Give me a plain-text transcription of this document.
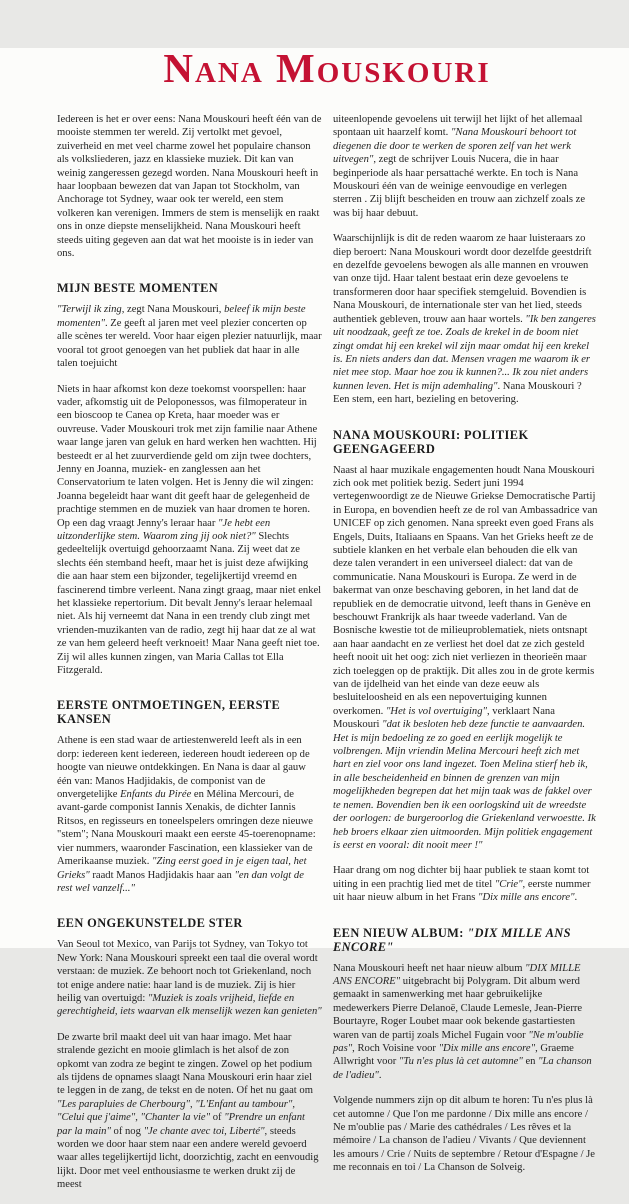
Nana Mouskouri

Iedereen is het er over eens: Nana Mouskouri heeft één van de mooiste stemmen ter wereld. Zij vertolkt met gevoel, zuiverheid en met veel charme zowel het populaire chanson als volksliederen, jazz en klassieke muziek. Dit kan van weinig zangeressen gezegd worden. Nana Mouskouri heeft in haar loopbaan bewezen dat van Japan tot Stockholm, van Anchorage tot Sydney, waar ook ter wereld, een stem volkeren kan verenigen. Immers de stem is menselijk en raakt ons in onze diepste menselijkheid. Nana Mouskouri heeft steeds uiting gegeven aan dat wat het mooiste is in ieder van ons.

MIJN BESTE MOMENTEN

"Terwijl ik zing, zegt Nana Mouskouri, beleef ik mijn beste momenten". Ze geeft al jaren met veel plezier concerten op alle scènes ter wereld. Voor haar eigen plezier natuurlijk, maar vooral tot groot genoegen van het publiek dat haar in alle talen toejuicht

Niets in haar afkomst kon deze toekomst voorspellen: haar vader, afkomstig uit de Peloponessos, was filmoperateur in een bioscoop te Canea op Kreta, haar moeder was er ouvreuse. Vader Mouskouri trok met zijn familie naar Athene waar lange jaren van geluk en hard werken hen wachtten. Hij besteedt er al het zuurverdiende geld om zijn twee dochters, Jenny en Joanna, muziek- en zanglessen aan het Conservatorium te laten volgen. Het is Jenny die wil zingen: Joanna begeleidt haar want dit geeft haar de gelegenheid de prachtige stemmen en de muziek van haar dromen te horen. Op een dag vraagt Jenny's leraar haar "Je hebt een uitzonderlijke stem. Waarom zing jij ook niet?" Slechts gedeeltelijk overtuigd gehoorzaamt Nana. Zij weet dat ze slechts één stemband heeft, maar het is juist deze afwijking die aan haar stem een bijzonder, tegelijkertijd vreemd en fascinerend timbre verleent. Nana zingt graag, maar niet enkel het klassieke repertorium. Dit bevalt Jenny's leraar helemaal niet. Als hij verneemt dat Nana in een trendy club zingt met vrienden-muzikanten van de radio, zegt hij haar dat ze al wat ze van hem geleerd heeft verknoeit! Maar Nana geeft niet toe. Zij wil alles kunnen zingen, van Maria Callas tot Ella Fitzgerald.

EERSTE ONTMOETINGEN, EERSTE KANSEN

Athene is een stad waar de artiestenwereld leeft als in een dorp: iedereen kent iedereen, iedereen houdt iedereen op de hoogte van nieuwe ontdekkingen. En Nana is daar al gauw één van: Manos Hadjidakis, de componist van de onvergetelijke Enfants du Pirée en Mélina Mercouri, de avant-garde componist Iannis Xenakis, de dichter Iannis Ritsos, en regisseurs en toneelspelers omringen deze nieuwe "stem"; Nana Mouskouri maakt een eerste 45-toerenopname: vier nummers, waaronder Fascination, een klassieker van de Amerikaanse muziek. "Zing eerst goed in je eigen taal, het Grieks" raadt Manos Hadjidakis haar aan "en dan volgt de rest wel vanzelf..."

EEN ONGEKUNSTELDE STER

Van Seoul tot Mexico, van Parijs tot Sydney, van Tokyo tot New York: Nana Mouskouri spreekt een taal die overal wordt verstaan: de muziek. Ze behoort noch tot Griekenland, noch tot enige andere natie: haar land is de muziek. Zij is hier heilig van overtuigd: "Muziek is zoals vrijheid, liefde en gerechtigheid, iets waarvan elk menselijk wezen kan genieten"

De zwarte bril maakt deel uit van haar imago. Met haar stralende gezicht en mooie glimlach is het alsof de zon opkomt van zodra ze begint te zingen. Zowel op het podium als tijdens de opnames slaagt Nana Mouskouri erin haar ziel te leggen in de zang, de tekst en de noten. Of het nu gaat om "Les parapluies de Cherbourg", "L'Enfant au tambour", "Celui que j'aime", "Chanter la vie" of "Prendre un enfant par la main" of nog "Je chante avec toi, Liberté", steeds worden we door haar stem naar een andere wereld gevoerd waar alles tegelijkertijd licht, doorzichtig, zacht en eenvoudig lijkt. Door met veel enthousiasme te werken drukt zij de meest

uiteenlopende gevoelens uit terwijl het lijkt of het allemaal spontaan uit haarzelf komt. "Nana Mouskouri behoort tot diegenen die door te werken de sporen zelf van het werk uitvegen", zegt de schrijver Louis Nucera, die in haar beginperiode als haar persattaché werkte. En toch is Nana Mouskouri één van de weinige eenvoudige en verlegen sterren . Zij blijft bescheiden en trouw aan zichzelf zoals ze was bij haar debuut.

Waarschijnlijk is dit de reden waarom ze haar luisteraars zo diep beroert: Nana Mouskouri wordt door dezelfde geestdrift en dezelfde gevoelens bewogen als alle mannen en vrouwen van onze tijd. Haar talent bestaat erin deze gevoelens te transformeren door haar specifiek stemgeluid. Bovendien is Nana Mouskouri, de internationale ster van het lied, steeds authentiek gebleven, trouw aan haar wortels. "Ik ben zangeres uit noodzaak, geeft ze toe. Zoals de krekel in de boom niet zingt omdat hij een krekel wil zijn maar omdat hij een krekel is. En niets anders dan dat. Mensen vragen me waarom ik er niet mee stop. Maar hoe zou ik kunnen?... Ik zou niet anders kunnen leven. Het is mijn ademhaling". Nana Mouskouri ? Een stem, een hart, bezieling en betovering.

NANA MOUSKOURI: POLITIEK GEENGAGEERD

Naast al haar muzikale engagementen houdt Nana Mouskouri zich ook met politiek bezig. Sedert juni 1994 vertegenwoordigt ze de Nieuwe Griekse Democratische Partij in Europa, en bovendien heeft ze de rol van Ambassadrice van UNICEF op zich genomen. Nana spreekt even goed Frans als Engels, Duits, Italiaans en Spaans. Van het Grieks heeft ze de subtiele klanken en het verbale elan behouden die elk van deze talen verandert in een universeel dialect: dat van de communicatie. Nana Mouskouri is Europa. Ze werd in de bakermat van onze beschaving geboren, in het land dat de republiek en de democratie uitvond, leeft thans in Genève en beschouwt Frankrijk als haar tweede vaderland. Van de Bosnische kwestie tot de milieuproblematiek, niets ontsnapt aan haar aandacht en ze verliest het doel dat ze zich gesteld heeft nooit uit het oog: zich niet verliezen in theorieën maar zich toeleggen op de praktijk. Dit alles zou in de grote kermis van de ijdelheid van het einde van deze eeuw als besluiteloosheid en als een nepovertuiging kunnen overkomen. "Het is vol overtuiging", verklaart Nana Mouskouri "dat ik besloten heb deze functie te aanvaarden. Het is mijn bedoeling ze zo goed en eerlijk mogelijk te volbrengen. Mijn vriendin Melina Mercouri heeft zich met hart en ziel voor ons land ingezet. Toen Melina stierf heb ik, in alle bescheidenheid en binnen de grenzen van mijn mogelijkheden begrepen dat het mijn taak was de fakkel over te nemen. Bovendien ben ik een oorlogskind uit de wreedste der oorlogen: de burgeroorlog die Griekenland verwoestte. Ik heb broers elkaar zien uitmoorden. Mijn politiek engagement is eerst en vooral: dit nooit meer !"

Haar drang om nog dichter bij haar publiek te staan komt tot uiting in een prachtig lied met de titel "Crie", eerste nummer uit haar nieuw album in het Frans "Dix mille ans encore".

EEN NIEUW ALBUM: "DIX MILLE ANS ENCORE"

Nana Mouskouri heeft net haar nieuw album "DIX MILLE ANS ENCORE" uitgebracht bij Polygram. Dit album werd gemaakt in samenwerking met haar gebruikelijke medewerkers Pierre Delanoë, Claude Lemesle, Jean-Pierre Bourtayre, Roger Loubet maar ook bekende gastartiesten waren van de partij zoals Michel Fugain voor "Ne m'oublie pas", Roch Voisine voor "Dix mille ans encore", Graeme Allwright voor "Tu n'es plus là cet automne" en "La chanson de l'adieu".

Volgende nummers zijn op dit album te horen: Tu n'es plus là cet automne / Que l'on me pardonne / Dix mille ans encore / Ne m'oublie pas / Marie des cathédrales / Les rêves et la mémoire / La chanson de l'adieu / Vivants / Que deviennent les amours / Crie / Nuits de septembre / Retour d'Espagne / Je me reconnais en toi / La Chanson de Solveig.
